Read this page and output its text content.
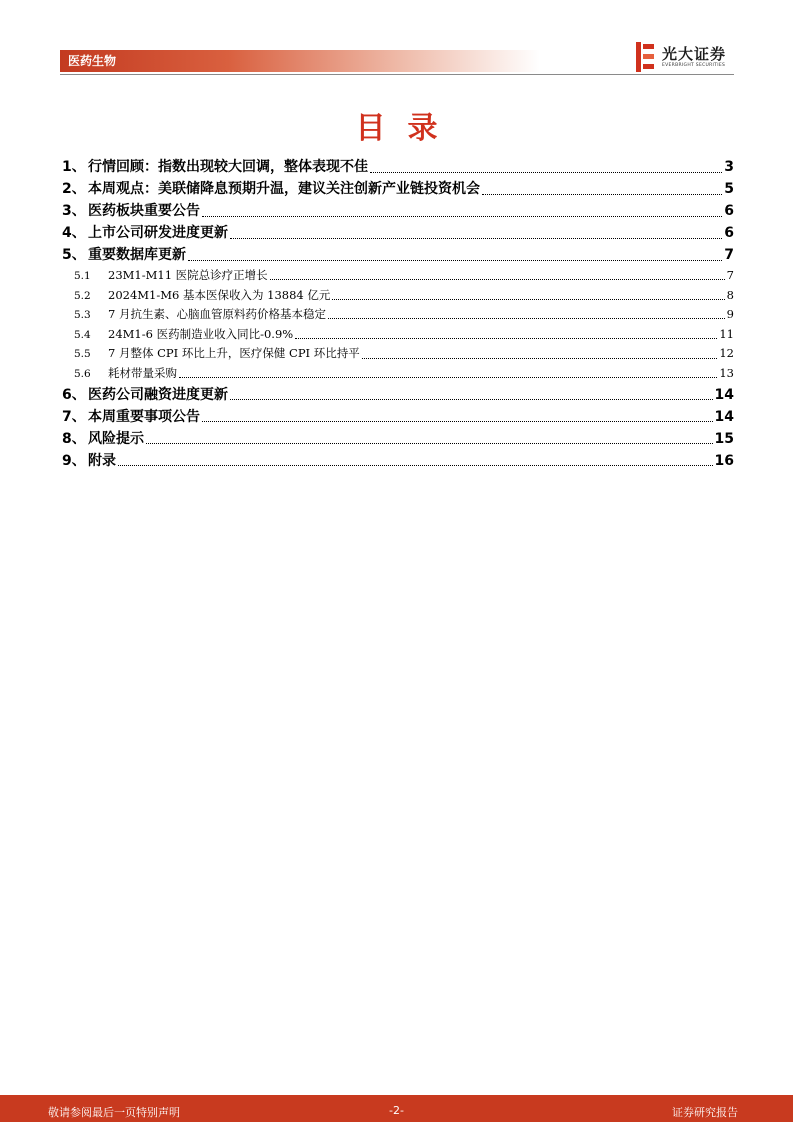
医药生物	光大证券
EVERBRIGHT SECURITIES
目录
1、 行情回顾：指数出现较大回调，整体表现不佳	3
2、 本周观点：美联储降息预期升温，建议关注创新产业链投资机会	5
3、 医药板块重要公告	6
4、 上市公司研发进度更新	6
5、 重要数据库更新	7
5.1	23M1-M11 医院总诊疗正增长	7
5.2	2024M1-M6 基本医保收入为 13884 亿元	8
5.3	7 月抗生素、心脑血管原料药价格基本稳定	9
5.4	24M1-6 医药制造业收入同比-0.9%	11
5.5	7 月整体 CPI 环比上升，医疗保健 CPI 环比持平	12
5.6	耗材带量采购	13
6、 医药公司融资进度更新	14
7、 本周重要事项公告	14
8、 风险提示	15
9、 附录	16
敬请参阅最后一页特别声明	-2-	证券研究报告
